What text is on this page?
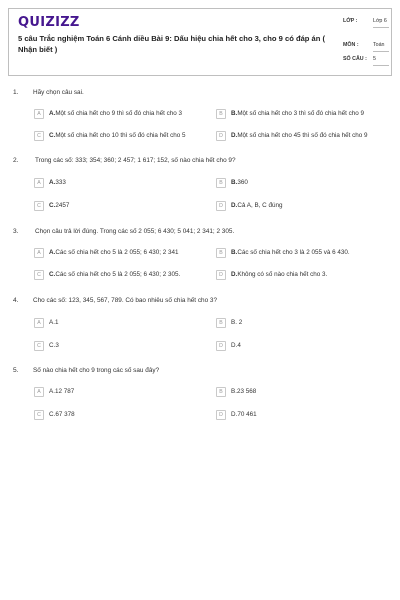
QUIZIZZ
5 câu Trắc nghiệm Toán 6 Cánh diều Bài 9: Dấu hiệu chia hết cho 3, cho 9 có đáp án ( Nhận biết )
LỚP :	Lớp 6
MÔN :	Toán
SỐ CÂU : 5
1. Hãy chọn câu sai.
A	A.Một số chia hết cho 9 thì số đó chia hết cho 3	B	B.Một số chia hết cho 3 thì số đó chia hết cho 9
C	C.Một số chia hết cho 10 thì số đó chia hết cho 5	D	D.Một số chia hết cho 45 thì số đó chia hết cho 9
2.	Trong các số: 333; 354; 360; 2 457; 1 617; 152, số nào chia hết cho 9?
A	A.333	B	B.360
C	C.2457	D	D.Cả A, B, C đúng
3.	Chọn câu trả lời đúng. Trong các số 2 055; 6 430; 5 041; 2 341; 2 305.
A	A.Các số chia hết cho 5 là 2 055; 6 430; 2 341	B	B.Các số chia hết cho 3 là 2 055 và 6 430.
C	C.Các số chia hết cho 5 là 2 055; 6 430; 2 305.	D	D.Không có số nào chia hết cho 3.
4. Cho các số: 123, 345, 567, 789. Có bao nhiêu số chia hết cho 3?
A	A.1	B	B. 2
C	C.3	D	D.4
5. Số nào chia hết cho 9 trong các số sau đây?
A	A.12 787	B	B.23 568
C	C.67 378	D	D.70 461
